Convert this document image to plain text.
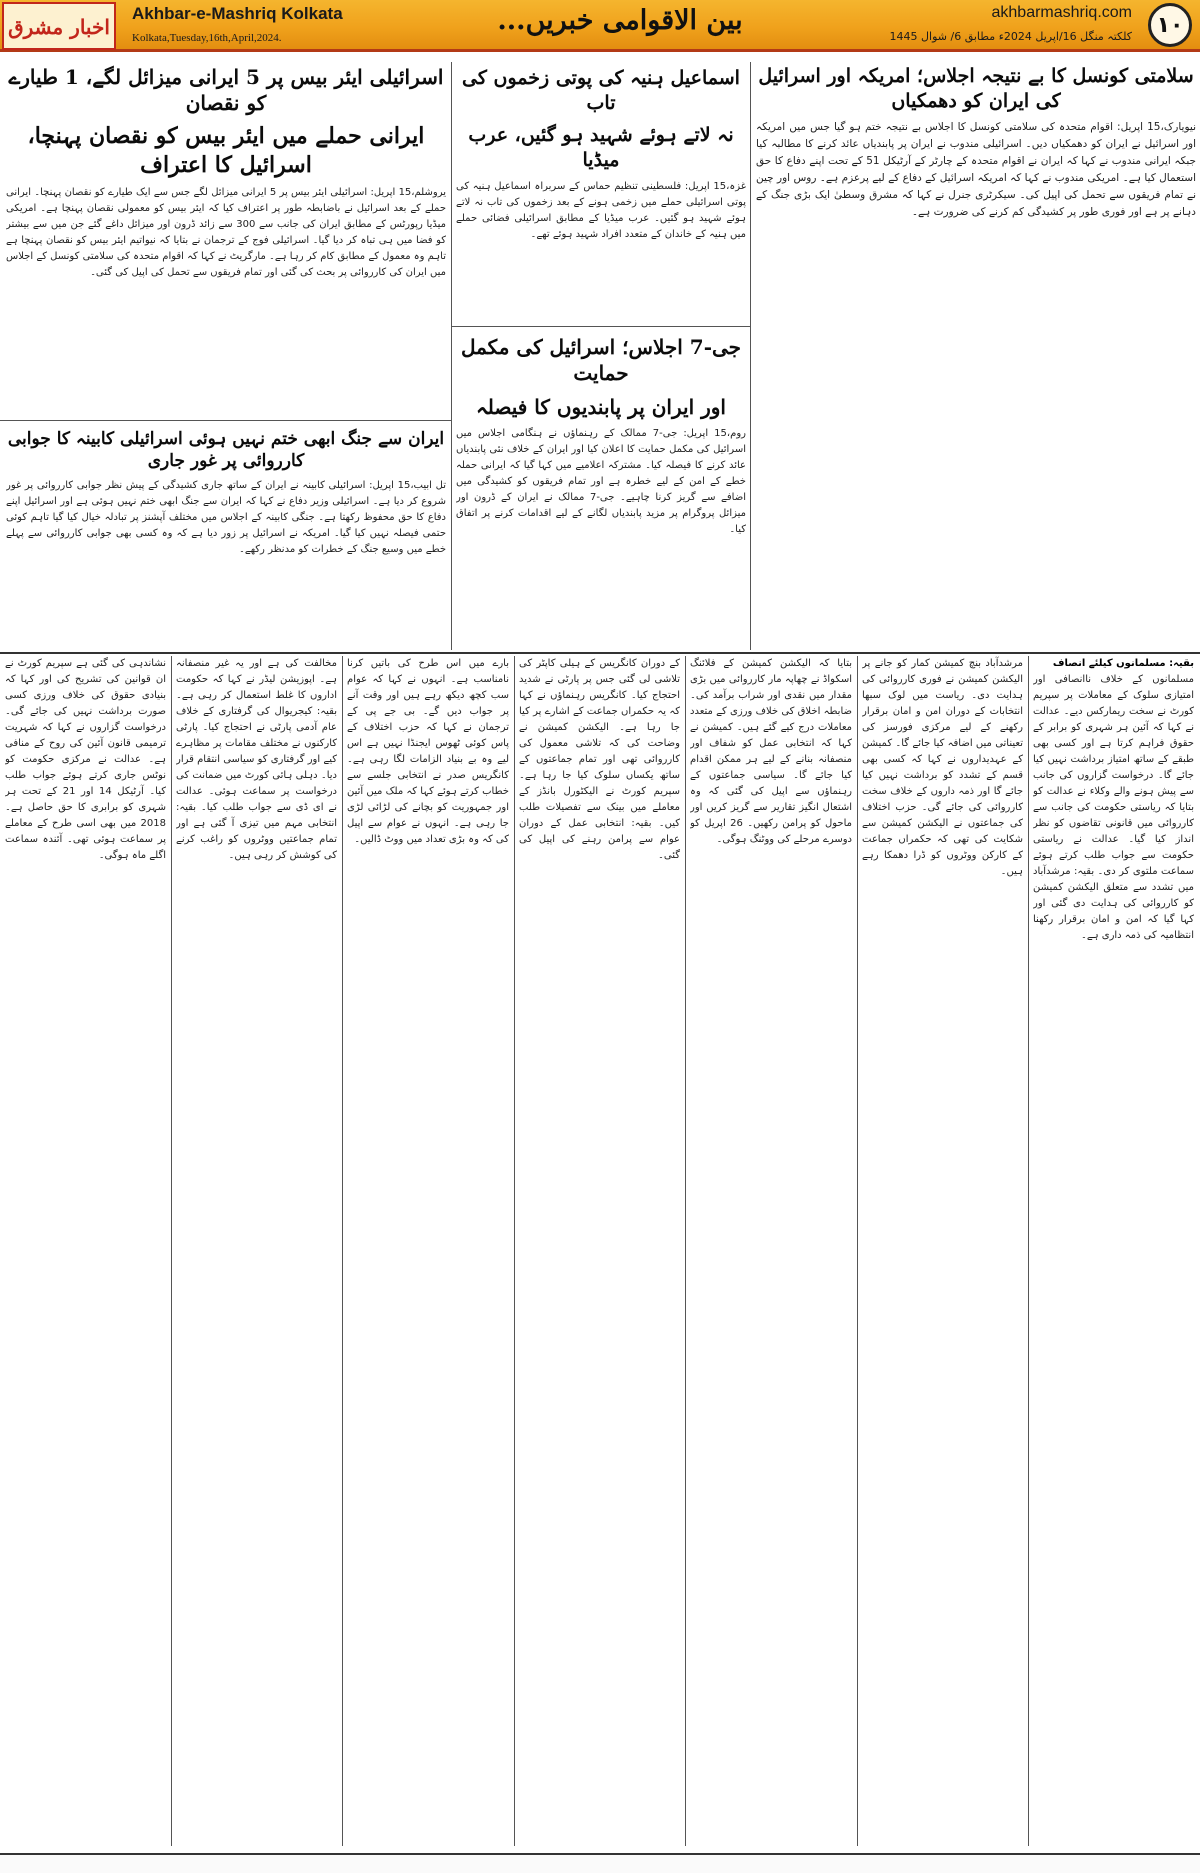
اخبار مشرق
Akhbar-e-Mashriq Kolkata
Kolkata,Tuesday,16th,April,2024.
بین الاقوامی خبریں...	akhbarmashriq.com
کلکتہ منگل 16/اپریل 2024ء مطابق 6/ شوال 1445	۱۰
اسرائیلی ایئر بیس پر 5 ایرانی میزائل لگے، 1 طیارے کو نقصان
ایرانی حملے میں ایئر بیس کو نقصان پہنچا، اسرائیل کا اعتراف
یروشلم،15 اپریل: اسرائیلی ایئر بیس پر 5 ایرانی میزائل لگے جس سے ایک طیارے کو نقصان پہنچا۔ ایرانی حملے کے بعد اسرائیل نے باضابطہ طور پر اعتراف کیا کہ ایئر بیس کو معمولی نقصان پہنچا ہے۔ امریکی میڈیا رپورٹس کے مطابق ایران کی جانب سے 300 سے زائد ڈرون اور میزائل داغے گئے جن میں سے بیشتر کو فضا میں ہی تباہ کر دیا گیا۔ اسرائیلی فوج کے ترجمان نے بتایا کہ نیواتیم ایئر بیس کو نقصان پہنچا ہے تاہم وہ معمول کے مطابق کام کر رہا ہے۔ مارگریٹ نے کہا کہ اقوام متحدہ کی سلامتی کونسل کے اجلاس میں ایران کی کارروائی پر بحث کی گئی اور تمام فریقوں سے تحمل کی اپیل کی گئی۔
ایران سے جنگ ابھی ختم نہیں ہوئی اسرائیلی کابینہ کا جوابی کارروائی پر غور جاری
تل ابیب،15 اپریل: اسرائیلی کابینہ نے ایران کے ساتھ جاری کشیدگی کے پیش نظر جوابی کارروائی پر غور شروع کر دیا ہے۔ اسرائیلی وزیر دفاع نے کہا کہ ایران سے جنگ ابھی ختم نہیں ہوئی ہے اور اسرائیل اپنے دفاع کا حق محفوظ رکھتا ہے۔ جنگی کابینہ کے اجلاس میں مختلف آپشنز پر تبادلہ خیال کیا گیا تاہم کوئی حتمی فیصلہ نہیں کیا گیا۔ امریکہ نے اسرائیل پر زور دیا ہے کہ وہ کسی بھی جوابی کارروائی سے پہلے خطے میں وسیع جنگ کے خطرات کو مدنظر رکھے۔
اسماعیل ہنیہ کی پوتی زخموں کی تاب
نہ لاتے ہوئے شہید ہو گئیں، عرب میڈیا
غزہ،15 اپریل: فلسطینی تنظیم حماس کے سربراہ اسماعیل ہنیہ کی پوتی اسرائیلی حملے میں زخمی ہونے کے بعد زخموں کی تاب نہ لاتے ہوئے شہید ہو گئیں۔ عرب میڈیا کے مطابق اسرائیلی فضائی حملے میں ہنیہ کے خاندان کے متعدد افراد شہید ہوئے تھے۔
جی-7 اجلاس؛ اسرائیل کی مکمل حمایت
اور ایران پر پابندیوں کا فیصلہ
روم،15 اپریل: جی-7 ممالک کے رہنماؤں نے ہنگامی اجلاس میں اسرائیل کی مکمل حمایت کا اعلان کیا اور ایران کے خلاف نئی پابندیاں عائد کرنے کا فیصلہ کیا۔ مشترکہ اعلامیے میں کہا گیا کہ ایرانی حملہ خطے کے امن کے لیے خطرہ ہے اور تمام فریقوں کو کشیدگی میں اضافے سے گریز کرنا چاہیے۔ جی-7 ممالک نے ایران کے ڈرون اور میزائل پروگرام پر مزید پابندیاں لگانے کے لیے اقدامات کرنے پر اتفاق کیا۔
سلامتی کونسل کا بے نتیجہ اجلاس؛ امریکہ اور اسرائیل کی ایران کو دھمکیاں
نیویارک،15 اپریل: اقوام متحدہ کی سلامتی کونسل کا اجلاس بے نتیجہ ختم ہو گیا جس میں امریکہ اور اسرائیل نے ایران کو دھمکیاں دیں۔ اسرائیلی مندوب نے ایران پر پابندیاں عائد کرنے کا مطالبہ کیا جبکہ ایرانی مندوب نے کہا کہ ایران نے اقوام متحدہ کے چارٹر کے آرٹیکل 51 کے تحت اپنے دفاع کا حق استعمال کیا ہے۔ امریکی مندوب نے کہا کہ امریکہ اسرائیل کے دفاع کے لیے پرعزم ہے۔ روس اور چین نے تمام فریقوں سے تحمل کی اپیل کی۔ سیکرٹری جنرل نے کہا کہ مشرق وسطیٰ ایک بڑی جنگ کے دہانے پر ہے اور فوری طور پر کشیدگی کم کرنے کی ضرورت ہے۔
بقیہ: مسلمانوں کیلئے انصاف
مسلمانوں کے خلاف ناانصافی اور امتیازی سلوک کے معاملات پر سپریم کورٹ نے سخت ریمارکس دیے۔ عدالت نے کہا کہ آئین ہر شہری کو برابر کے حقوق فراہم کرتا ہے اور کسی بھی طبقے کے ساتھ امتیاز برداشت نہیں کیا جائے گا۔ درخواست گزاروں کی جانب سے پیش ہونے والے وکلاء نے عدالت کو بتایا کہ ریاستی حکومت کی جانب سے کارروائی میں قانونی تقاضوں کو نظر انداز کیا گیا۔ عدالت نے ریاستی حکومت سے جواب طلب کرتے ہوئے سماعت ملتوی کر دی۔ بقیہ: مرشدآباد میں تشدد سے متعلق الیکشن کمیشن کو کارروائی کی ہدایت دی گئی اور کہا گیا کہ امن و امان برقرار رکھنا انتظامیہ کی ذمہ داری ہے۔
مرشدآباد بنچ کمیشن کمار کو جانے پر الیکشن کمیشن نے فوری کارروائی کی ہدایت دی۔ ریاست میں لوک سبھا انتخابات کے دوران امن و امان برقرار رکھنے کے لیے مرکزی فورسز کی تعیناتی میں اضافہ کیا جائے گا۔ کمیشن کے عہدیداروں نے کہا کہ کسی بھی قسم کے تشدد کو برداشت نہیں کیا جائے گا اور ذمہ داروں کے خلاف سخت کارروائی کی جائے گی۔ حزب اختلاف کی جماعتوں نے الیکشن کمیشن سے شکایت کی تھی کہ حکمراں جماعت کے کارکن ووٹروں کو ڈرا دھمکا رہے ہیں۔
بتایا کہ الیکشن کمیشن کے فلائنگ اسکواڈ نے چھاپہ مار کارروائی میں بڑی مقدار میں نقدی اور شراب برآمد کی۔ ضابطہ اخلاق کی خلاف ورزی کے متعدد معاملات درج کیے گئے ہیں۔ کمیشن نے کہا کہ انتخابی عمل کو شفاف اور منصفانہ بنانے کے لیے ہر ممکن اقدام کیا جائے گا۔ سیاسی جماعتوں کے رہنماؤں سے اپیل کی گئی کہ وہ اشتعال انگیز تقاریر سے گریز کریں اور ماحول کو پرامن رکھیں۔ 26 اپریل کو دوسرے مرحلے کی ووٹنگ ہوگی۔
کے دوران کانگریس کے ہیلی کاپٹر کی تلاشی لی گئی جس پر پارٹی نے شدید احتجاج کیا۔ کانگریس رہنماؤں نے کہا کہ یہ حکمراں جماعت کے اشارے پر کیا جا رہا ہے۔ الیکشن کمیشن نے وضاحت کی کہ تلاشی معمول کی کارروائی تھی اور تمام جماعتوں کے ساتھ یکساں سلوک کیا جا رہا ہے۔ سپریم کورٹ نے الیکٹورل بانڈز کے معاملے میں بینک سے تفصیلات طلب کیں۔ بقیہ: انتخابی عمل کے دوران عوام سے پرامن رہنے کی اپیل کی گئی۔
بارے میں اس طرح کی باتیں کرنا نامناسب ہے۔ انہوں نے کہا کہ عوام سب کچھ دیکھ رہے ہیں اور وقت آنے پر جواب دیں گے۔ بی جے پی کے ترجمان نے کہا کہ حزب اختلاف کے پاس کوئی ٹھوس ایجنڈا نہیں ہے اس لیے وہ بے بنیاد الزامات لگا رہی ہے۔ کانگریس صدر نے انتخابی جلسے سے خطاب کرتے ہوئے کہا کہ ملک میں آئین اور جمہوریت کو بچانے کی لڑائی لڑی جا رہی ہے۔ انہوں نے عوام سے اپیل کی کہ وہ بڑی تعداد میں ووٹ ڈالیں۔
مخالفت کی ہے اور یہ غیر منصفانہ ہے۔ اپوزیشن لیڈر نے کہا کہ حکومت اداروں کا غلط استعمال کر رہی ہے۔ بقیہ: کیجریوال کی گرفتاری کے خلاف عام آدمی پارٹی نے احتجاج کیا۔ پارٹی کارکنوں نے مختلف مقامات پر مظاہرے کیے اور گرفتاری کو سیاسی انتقام قرار دیا۔ دہلی ہائی کورٹ میں ضمانت کی درخواست پر سماعت ہوئی۔ عدالت نے ای ڈی سے جواب طلب کیا۔ بقیہ: انتخابی مہم میں تیزی آ گئی ہے اور تمام جماعتیں ووٹروں کو راغب کرنے کی کوشش کر رہی ہیں۔
نشاندہی کی گئی ہے سپریم کورٹ نے ان قوانین کی تشریح کی اور کہا کہ بنیادی حقوق کی خلاف ورزی کسی صورت برداشت نہیں کی جائے گی۔ درخواست گزاروں نے کہا کہ شہریت ترمیمی قانون آئین کی روح کے منافی ہے۔ عدالت نے مرکزی حکومت کو نوٹس جاری کرتے ہوئے جواب طلب کیا۔ آرٹیکل 14 اور 21 کے تحت ہر شہری کو برابری کا حق حاصل ہے۔ 2018 میں بھی اسی طرح کے معاملے پر سماعت ہوئی تھی۔ آئندہ سماعت اگلے ماہ ہوگی۔
